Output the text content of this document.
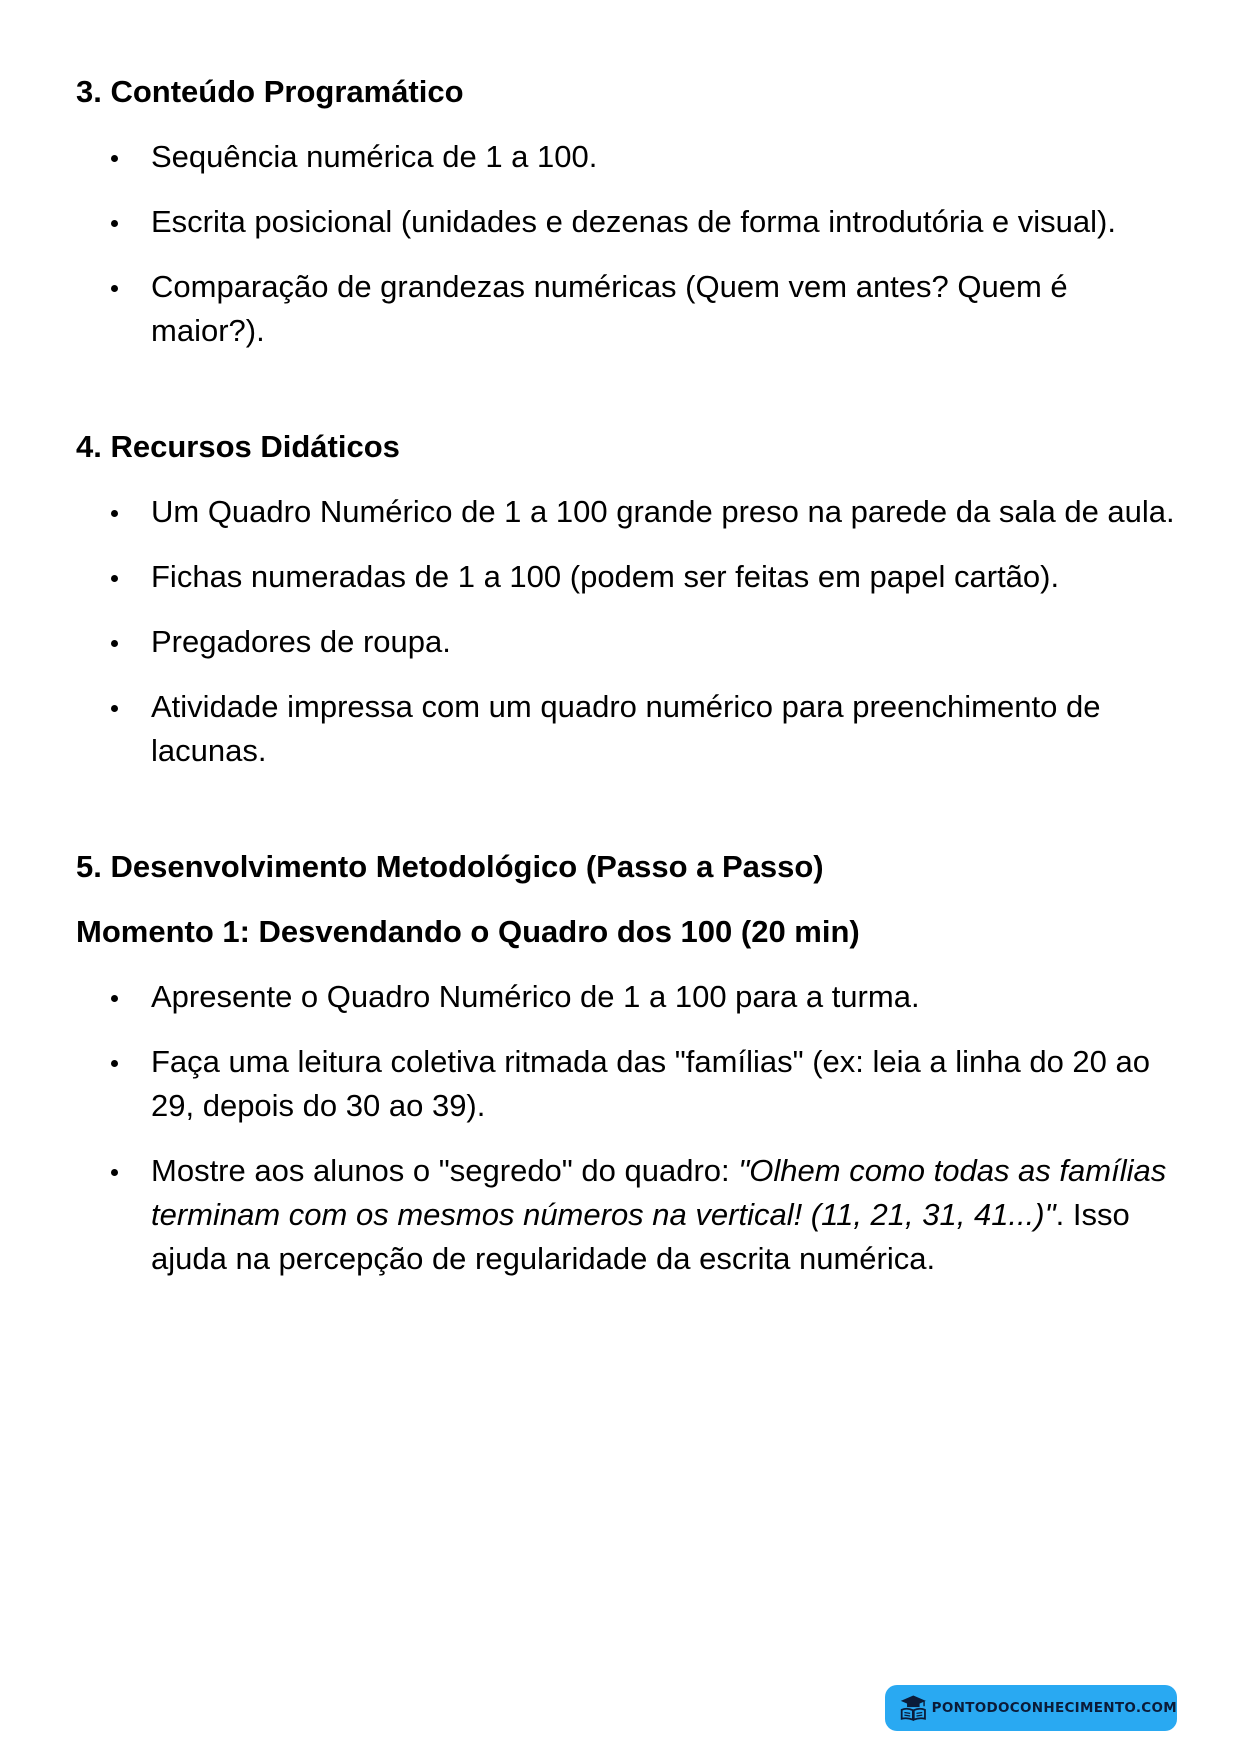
3. Conteúdo Programático
Sequência numérica de 1 a 100.
Escrita posicional (unidades e dezenas de forma introdutória e visual).
Comparação de grandezas numéricas (Quem vem antes? Quem é maior?).
4. Recursos Didáticos
Um Quadro Numérico de 1 a 100 grande preso na parede da sala de aula.
Fichas numeradas de 1 a 100 (podem ser feitas em papel cartão).
Pregadores de roupa.
Atividade impressa com um quadro numérico para preenchimento de lacunas.
5. Desenvolvimento Metodológico (Passo a Passo)
Momento 1: Desvendando o Quadro dos 100 (20 min)
Apresente o Quadro Numérico de 1 a 100 para a turma.
Faça uma leitura coletiva ritmada das "famílias" (ex: leia a linha do 20 ao 29, depois do 30 ao 39).
Mostre aos alunos o "segredo" do quadro: "Olhem como todas as famílias terminam com os mesmos números na vertical! (11, 21, 31, 41...)". Isso ajuda na percepção de regularidade da escrita numérica.
PONTODOCONHECIMENTO.COM
